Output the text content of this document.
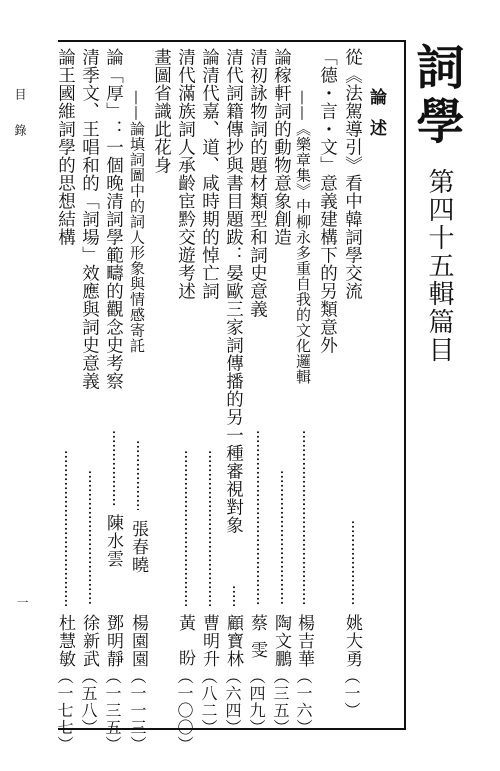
詞學
第四十五輯篇目
論述
從《法駕導引》看中韓詞學交流
姚大勇
（一）
「德・言・文」意義建構下的另類意外
——《樂章集》中柳永多重自我的文化邏輯
楊吉華
（一六）
論稼軒詞的動物意象創造
陶文鵬
（三五）
清初詠物詞的題材類型和詞史意義
蔡雯
（四九）
清代詞籍傳抄與書目題跋：晏歐三家詞傳播的另一種審視對象
顧寶林
（六四）
論清代嘉、道、咸時期的悼亡詞
曹明升
（八二）
清代滿族詞人承齡宦黔交遊考述
黃盼
（一〇〇）
畫圖省識此花身
——論填詞圖中的詞人形象與情感寄託
張春曉
楊園園
（一一三）
論「厚」：一個晚清詞學範疇的觀念史考察
陳水雲
鄧明靜
（一三五）
清季文、王唱和的「詞場」效應與詞史意義
徐新武
（五八）
論王國維詞學的思想結構
杜慧敏
（一七七）
目錄
一
